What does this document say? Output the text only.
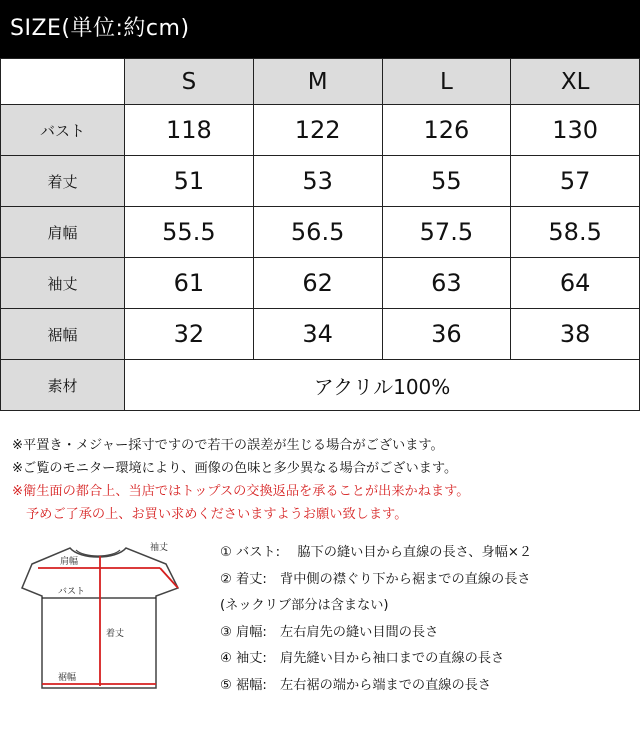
SIZE(単位:約cm)
	S	M	L	XL
バスト	118	122	126	130
着丈	51	53	55	57
肩幅	55.5	56.5	57.5	58.5
袖丈	61	62	63	64
裾幅	32	34	36	38
素材	アクリル100%			
※平置き・メジャー採寸ですので若干の誤差が生じる場合がございます。
※ご覧のモニター環境により、画像の色味と多少異なる場合がございます。
※衛生面の都合上、当店ではトップスの交換返品を承ることが出来かねます。
予めご了承の上、お買い求めくださいますようお願い致します。
袖丈
肩幅
バスト
着丈
裾幅
① バスト:　 脇下の縫い目から直線の長さ、身幅×２
② 着丈:　背中側の襟ぐり下から裾までの直線の長さ
(ネックリブ部分は含まない)
③ 肩幅:　左右肩先の縫い目間の長さ
④ 袖丈:　肩先縫い目から袖口までの直線の長さ
⑤ 裾幅:　左右裾の端から端までの直線の長さ
